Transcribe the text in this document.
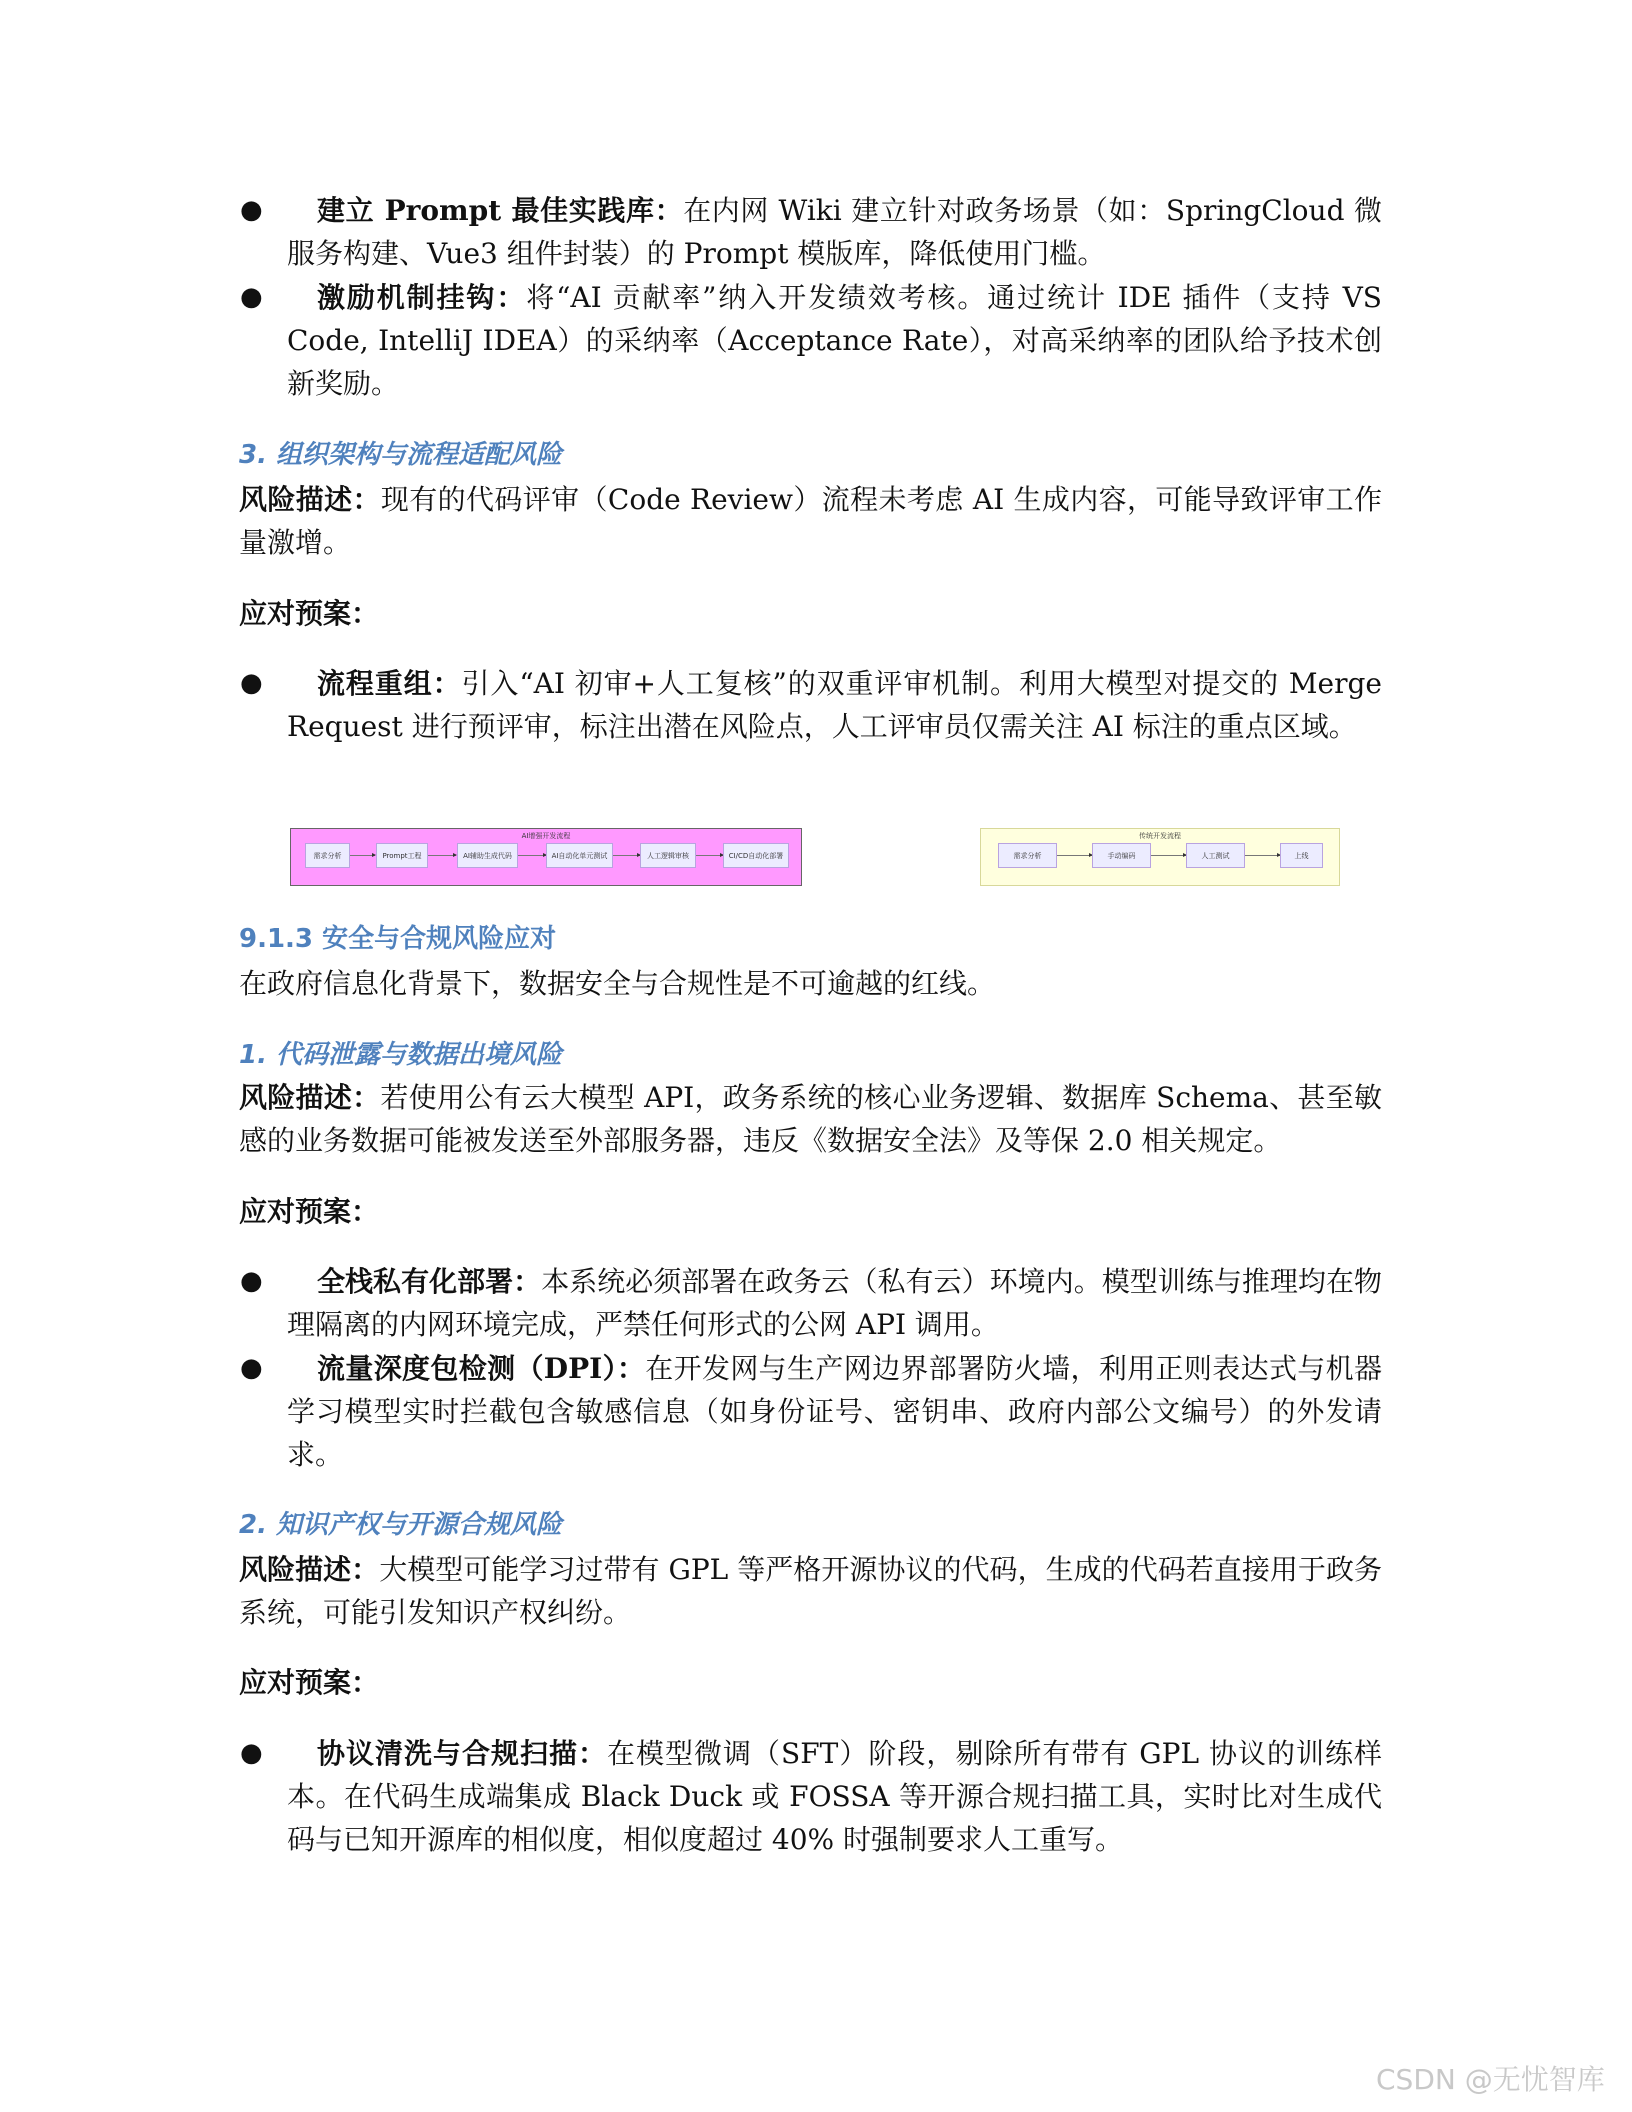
●	建立 Prompt 最佳实践库：在内网 Wiki 建立针对政务场景（如：SpringCloud 微服务构建、Vue3 组件封装）的 Prompt 模版库，降低使用门槛。
●	激励机制挂钩：将“AI 贡献率”纳入开发绩效考核。通过统计 IDE 插件（支持 VS Code, IntelliJ IDEA）的采纳率（Acceptance Rate），对高采纳率的团队给予技术创新奖励。
3. 组织架构与流程适配风险
风险描述：现有的代码评审（Code Review）流程未考虑 AI 生成内容，可能导致评审工作量激增。
应对预案：
●	流程重组：引入“AI 初审+人工复核”的双重评审机制。利用大模型对提交的 Merge Request 进行预评审，标注出潜在风险点，人工评审员仅需关注 AI 标注的重点区域。
AI增强开发流程
需求分析	Prompt工程	AI辅助生成代码	AI自动化单元测试	人工逻辑审核	CI/CD自动化部署
传统开发流程
需求分析	手动编码	人工测试	上线
9.1.3 安全与合规风险应对
在政府信息化背景下，数据安全与合规性是不可逾越的红线。
1. 代码泄露与数据出境风险
风险描述：若使用公有云大模型 API，政务系统的核心业务逻辑、数据库 Schema、甚至敏感的业务数据可能被发送至外部服务器，违反《数据安全法》及等保 2.0 相关规定。
应对预案：
●	全栈私有化部署：本系统必须部署在政务云（私有云）环境内。模型训练与推理均在物理隔离的内网环境完成，严禁任何形式的公网 API 调用。
●	流量深度包检测（DPI）：在开发网与生产网边界部署防火墙，利用正则表达式与机器学习模型实时拦截包含敏感信息（如身份证号、密钥串、政府内部公文编号）的外发请求。
2. 知识产权与开源合规风险
风险描述：大模型可能学习过带有 GPL 等严格开源协议的代码，生成的代码若直接用于政务系统，可能引发知识产权纠纷。
应对预案：
●	协议清洗与合规扫描：在模型微调（SFT）阶段，剔除所有带有 GPL 协议的训练样本。在代码生成端集成 Black Duck 或 FOSSA 等开源合规扫描工具，实时比对生成代码与已知开源库的相似度，相似度超过 40% 时强制要求人工重写。
CSDN @无忧智库
